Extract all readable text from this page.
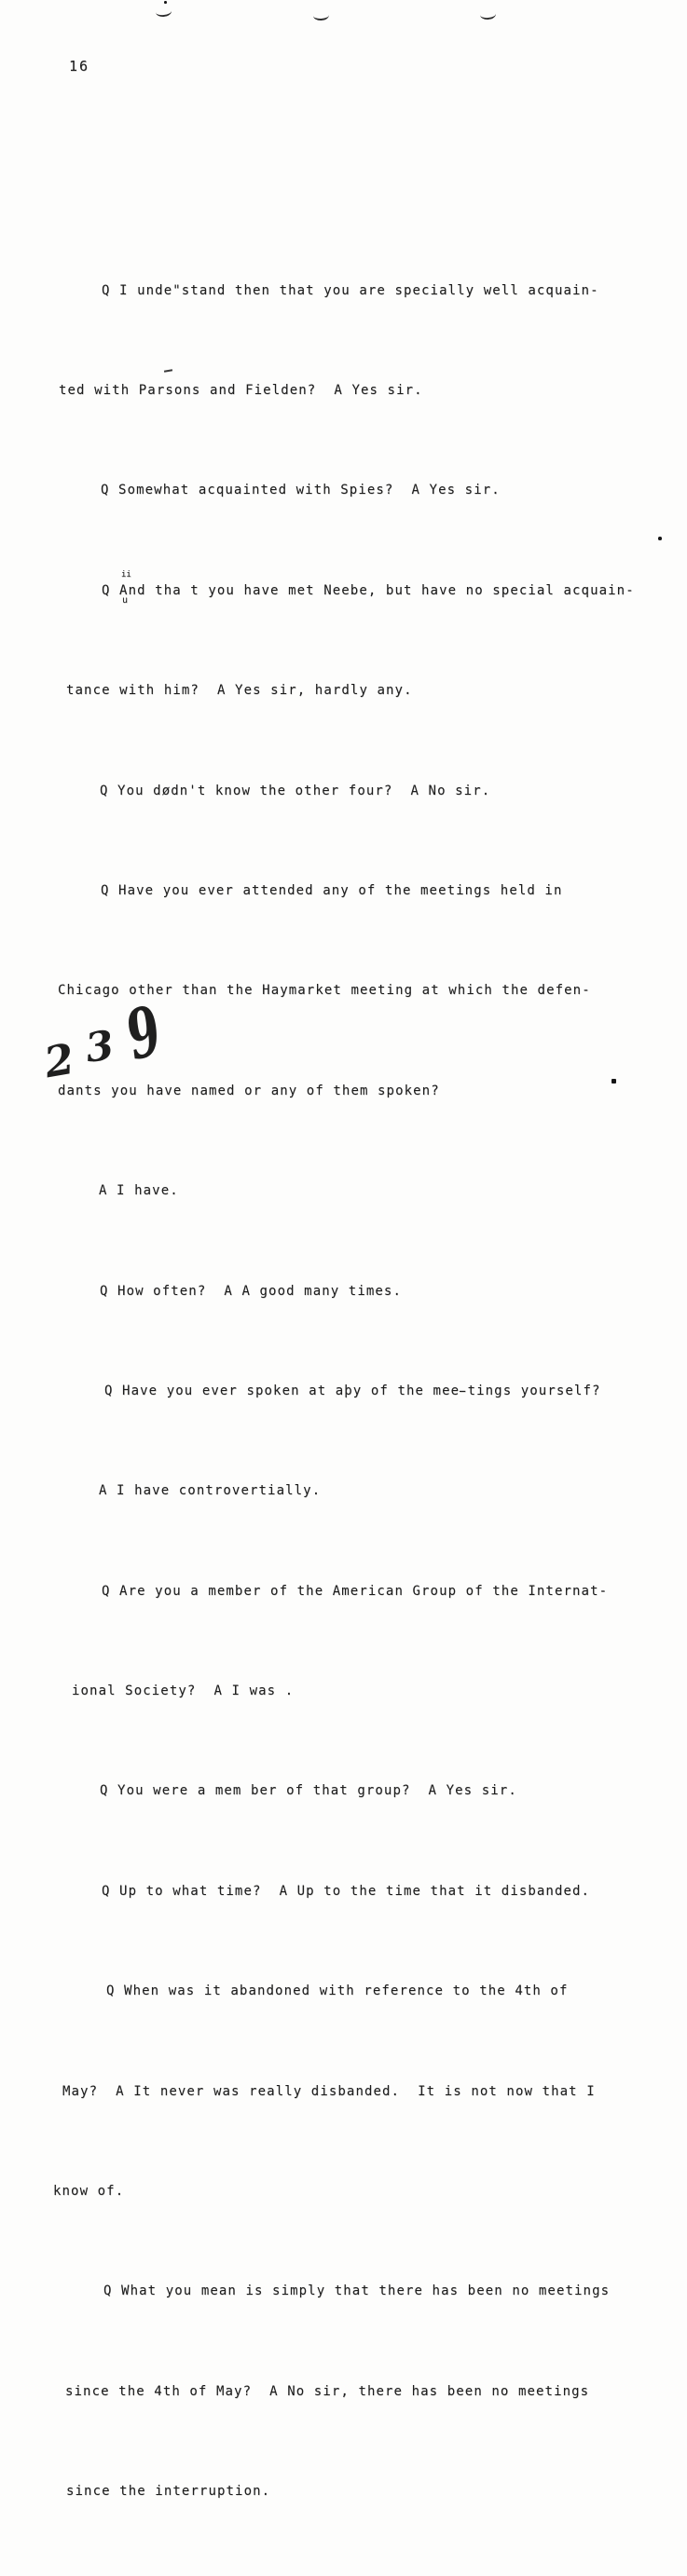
16

Q I unde"stand then that you are specially well acquain-

ted with Parsons and Fielden?  A Yes sir.

Q Somewhat acquainted with Spies?  A Yes sir.

Q And tha t you have met Neebe, but have no special acquain-

tance with him?  A Yes sir, hardly any.

Q You dødn't know the other four?  A No sir.

Q Have you ever attended any of the meetings held in

Chicago other than the Haymarket meeting at which the defen-

dants you have named or any of them spoken?

A I have.

Q How often?  A A good many times.

Q Have you ever spoken at aþy of the mee̵tings yourself?

A I have controvertially.

Q Are you a member of the American Group of the Internat-

ional Society?  A I was .

Q You were a mem ber of that group?  A Yes sir.

Q Up to what time?  A Up to the time that it disbanded.

Q When was it abandoned with reference to the 4th of

May?  A It never was really disbanded.  It is not now that I

know of.

Q What you mean is simply that there has been no meetings

since the 4th of May?  A No sir, there has been no meetings

since the interruption.

ii
u
2 3 9
